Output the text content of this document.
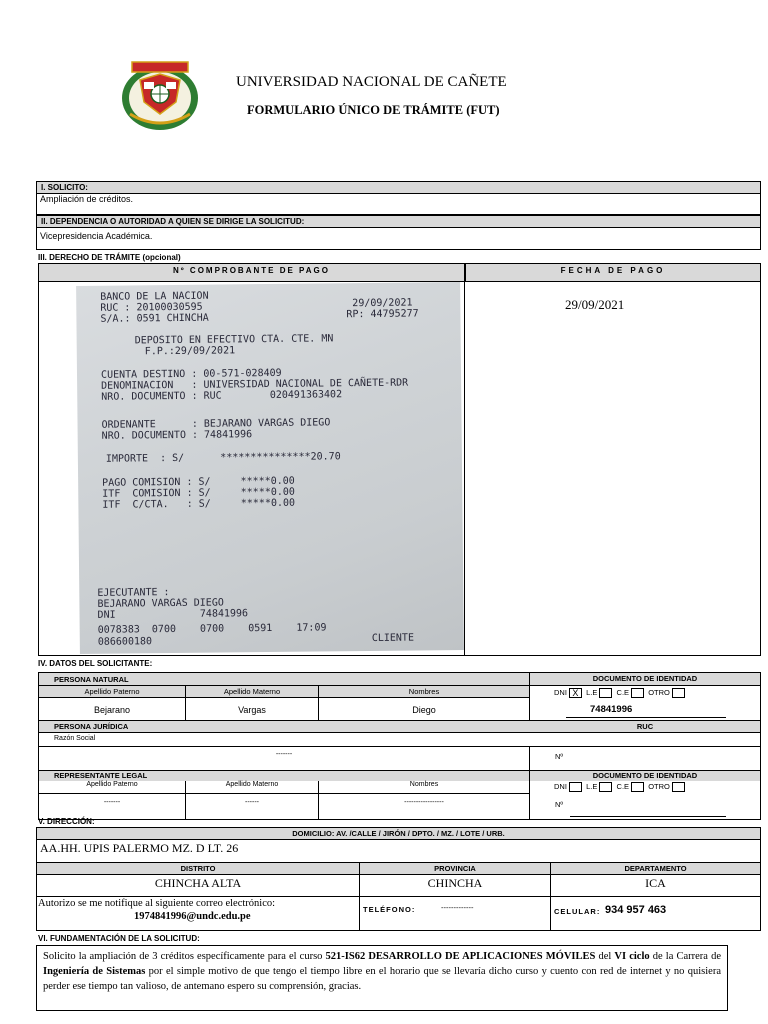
UNIVERSIDAD NACIONAL DE CAÑETE
FORMULARIO ÚNICO DE TRÁMITE (FUT)
I. SOLICITO:
Ampliación de créditos.
II. DEPENDENCIA O AUTORIDAD A QUIEN SE DIRIGE LA SOLICITUD:
Vicepresidencia Académica.
III. DERECHO DE TRÁMITE (opcional)
Nº COMPROBANTE DE PAGO	FECHA DE PAGO
29/09/2021
BANCO DE LA NACION
RUC : 20100030595
S/A.: 0591 CHINCHA
29/09/2021
RP: 44795277
DEPOSITO EN EFECTIVO CTA. CTE. MN
F.P.:29/09/2021
CUENTA DESTINO : 00-571-028409
DENOMINACION   : UNIVERSIDAD NACIONAL DE CAÑETE-RDR
NRO. DOCUMENTO : RUC        020491363402
ORDENANTE      : BEJARANO VARGAS DIEGO
NRO. DOCUMENTO : 74841996
IMPORTE  : S/      ***************20.70
PAGO COMISION : S/     *****0.00
ITF  COMISION : S/     *****0.00
ITF  C/CTA.   : S/     *****0.00
EJECUTANTE :
BEJARANO VARGAS DIEGO
DNI              74841996
0078383  0700    0700    0591    17:09
086600180	CLIENTE
IV. DATOS DEL SOLICITANTE:
PERSONA NATURAL	DOCUMENTO DE IDENTIDAD
Apellido Paterno	Apellido Materno	Nombres
Bejarano	Vargas	Diego
DNI X L.E	C.E	OTRO
74841996
PERSONA JURÍDICA	RUC
Razón Social
-------	Nº
REPRESENTANTE LEGAL	DOCUMENTO DE IDENTIDAD
Apellido Paterno	Apellido Materno	Nombres	DNI	L.E	C.E	OTRO
-------	------	-----------------	Nº
V. DIRECCIÓN:
DOMICILIO: AV. /CALLE / JIRÓN / DPTO. / MZ. / LOTE / URB.
AA.HH. UPIS PALERMO MZ. D LT. 26
DISTRITO	PROVINCIA	DEPARTAMENTO
CHINCHA ALTA	CHINCHA	ICA
Autorizo se me notifique al siguiente correo electrónico:
1974841996@undc.edu.pe
TELÉFONO:	-------------	CELULAR: 934 957 463
VI. FUNDAMENTACIÓN DE LA SOLICITUD:

Solicito la ampliación de 3 créditos específicamente para el curso 521-IS62 DESARROLLO DE APLICACIONES MÓVILES del VI ciclo de la Carrera de Ingeniería de Sistemas por el simple motivo de que tengo el tiempo libre en el horario que se llevaría dicho curso y cuento con red de internet y no quisiera perder ese tiempo tan valioso, de antemano espero su comprensión, gracias.
